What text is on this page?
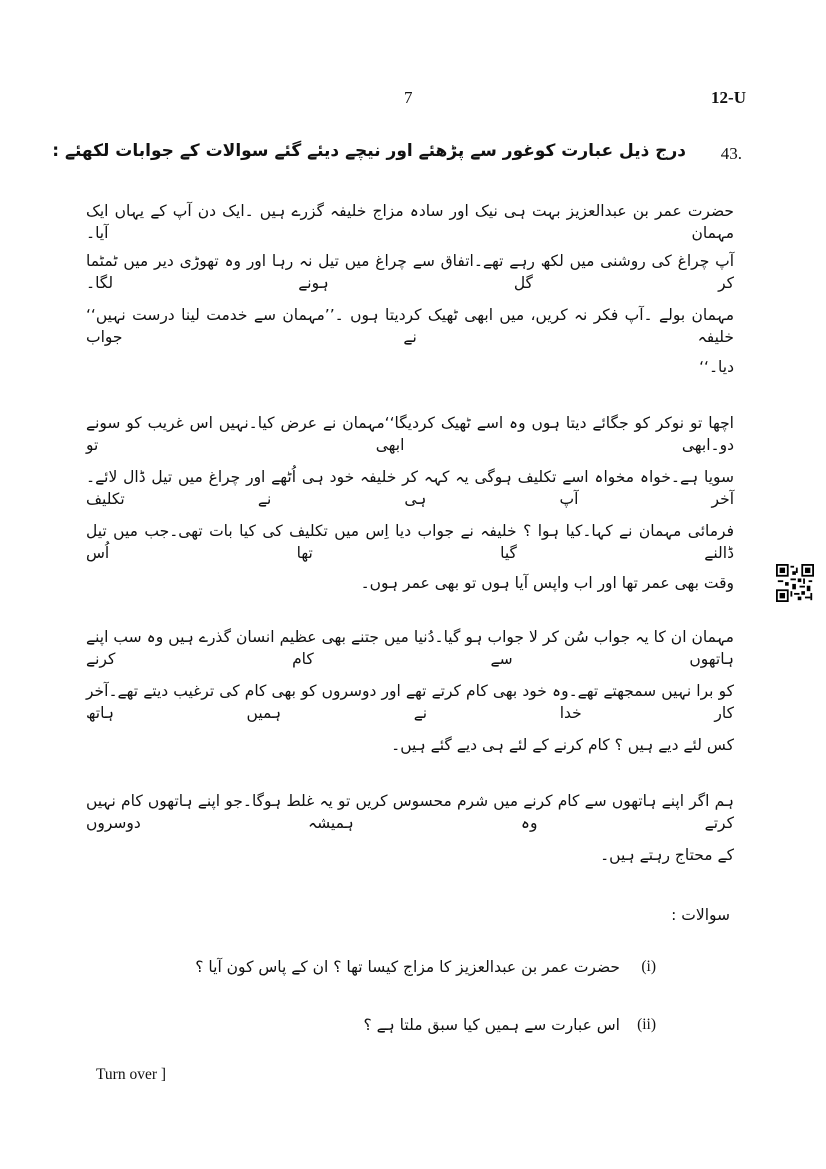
7	12-U
43.
درج ذیل عبارت کوغور سے پڑھئے اور نیچے دیئے گئے سوالات کے جوابات لکھئے :
حضرت عمر بن عبدالعزیز بہت ہی نیک اور سادہ مزاج خلیفہ گزرے ہیں ۔ایک دن آپ کے یہاں ایک مہمان آیا۔
آپ چراغ کی روشنی میں لکھ رہے تھے۔اتفاق سے چراغ میں تیل نہ رہا اور وہ تھوڑی دیر میں ٹمٹما کر گل ہونے لگا۔
مہمان بولے ۔آپ فکر نہ کریں، میں ابھی ٹھیک کردیتا ہوں ۔’’مہمان سے خدمت لینا درست نہیں‘‘ خلیفہ نے جواب
دیا۔‘‘
اچھا تو نوکر کو جگائے دیتا ہوں وہ اسے ٹھیک کردیگا‘‘مہمان نے عرض کیا۔نہیں اس غریب کو سونے دو۔ابھی ابھی تو
سویا ہے۔خواہ مخواہ اسے تکلیف ہوگی یہ کہہ کر خلیفہ خود ہی اُٹھے اور چراغ میں تیل ڈال لائے۔آخر آپ ہی نے تکلیف
فرمائی مہمان نے کہا۔کیا ہوا ؟ خلیفہ نے جواب دیا اِس میں تکلیف کی کیا بات تھی۔جب میں تیل ڈالنے گیا تھا اُس
وقت بھی عمر تھا اور اب واپس آیا ہوں تو بھی عمر ہوں۔
مہمان ان کا یہ جواب سُن کر لا جواب ہو گیا۔دُنیا میں جتنے بھی عظیم انسان گذرے ہیں وہ سب اپنے ہاتھوں سے کام کرنے
کو برا نہیں سمجھتے تھے۔وہ خود بھی کام کرتے تھے اور دوسروں کو بھی کام کی ترغیب دیتے تھے۔آخر کار خدا نے ہمیں ہاتھ
کس لئے دیے ہیں ؟ کام کرنے کے لئے ہی دیے گئے ہیں۔
ہم اگر اپنے ہاتھوں سے کام کرنے میں شرم محسوس کریں تو یہ غلط ہوگا۔جو اپنے ہاتھوں کام نہیں کرتے وہ ہمیشہ دوسروں
کے محتاج رہتے ہیں۔
سوالات :
(i)
حضرت عمر بن عبدالعزیز کا مزاج کیسا تھا ؟ ان کے پاس کون آیا ؟
(ii)
اس عبارت سے ہمیں کیا سبق ملتا ہے ؟
Turn over ]
